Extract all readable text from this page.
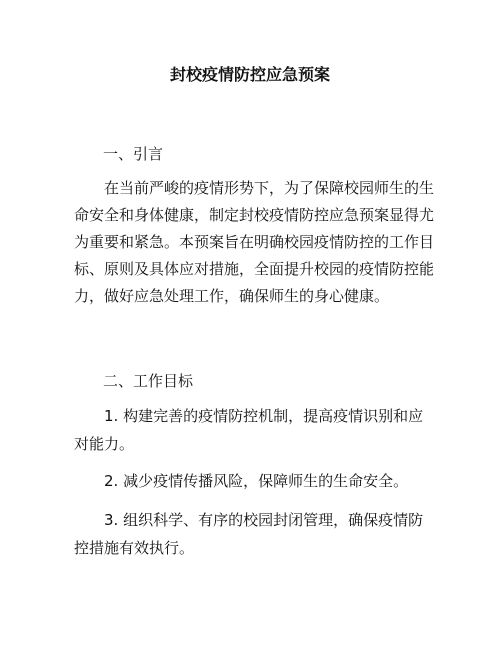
封校疫情防控应急预案
一、引言
在当前严峻的疫情形势下，为了保障校园师生的生命安全和身体健康，制定封校疫情防控应急预案显得尤为重要和紧急。本预案旨在明确校园疫情防控的工作目标、原则及具体应对措施，全面提升校园的疫情防控能力，做好应急处理工作，确保师生的身心健康。
二、工作目标
1. 构建完善的疫情防控机制，提高疫情识别和应对能力。
2. 减少疫情传播风险，保障师生的生命安全。
3. 组织科学、有序的校园封闭管理，确保疫情防控措施有效执行。
